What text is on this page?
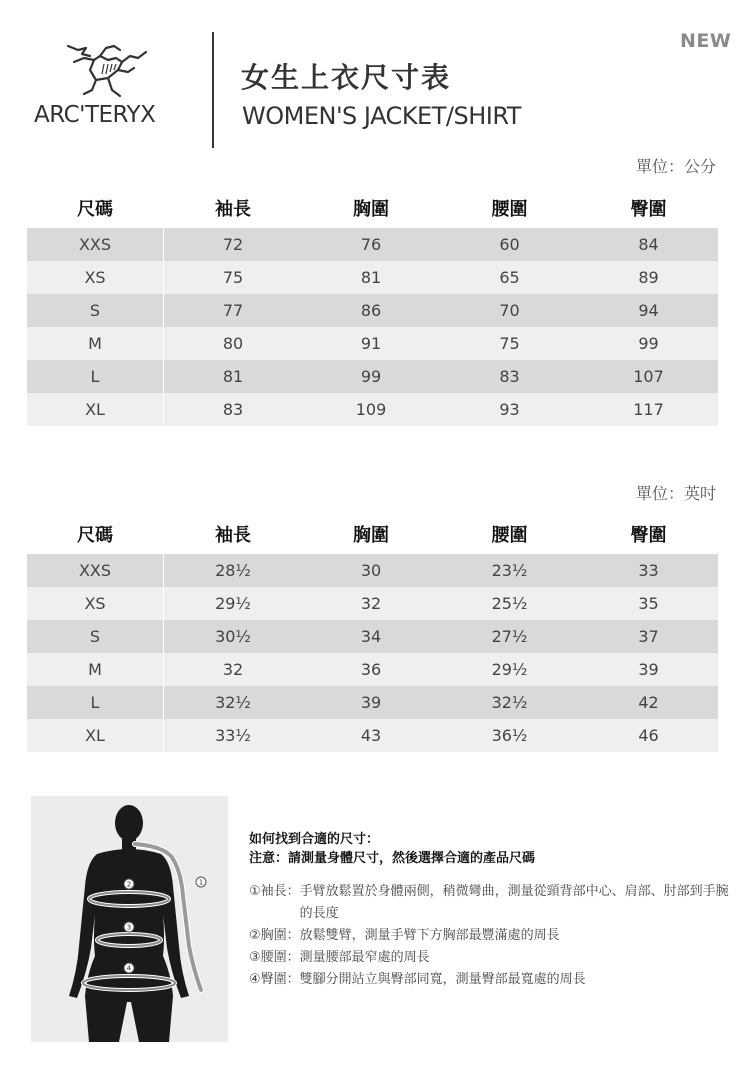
NEW
ARC'TERYX
女生上衣尺寸表
WOMEN'S JACKET/SHIRT
單位：公分
尺碼	袖長	胸圍	腰圍	臀圍
XXS	72	76	60	84
XS	75	81	65	89
S	77	86	70	94
M	80	91	75	99
L	81	99	83	107
XL	83	109	93	117
單位：英吋
尺碼	袖長	胸圍	腰圍	臀圍
XXS	28½	30	23½	33
XS	29½	32	25½	35
S	30½	34	27½	37
M	32	36	29½	39
L	32½	39	32½	42
XL	33½	43	36½	46
1
2
3
4
如何找到合適的尺寸：
注意：請測量身體尺寸，然後選擇合適的產品尺碼
①袖長： 手臂放鬆置於身體兩側，稍微彎曲，測量從頸背部中心、肩部、肘部到手腕的長度
②胸圍： 放鬆雙臂，測量手臂下方胸部最豐滿處的周長
③腰圍： 測量腰部最窄處的周長
④臀圍： 雙腳分開站立與臀部同寬，測量臀部最寬處的周長
